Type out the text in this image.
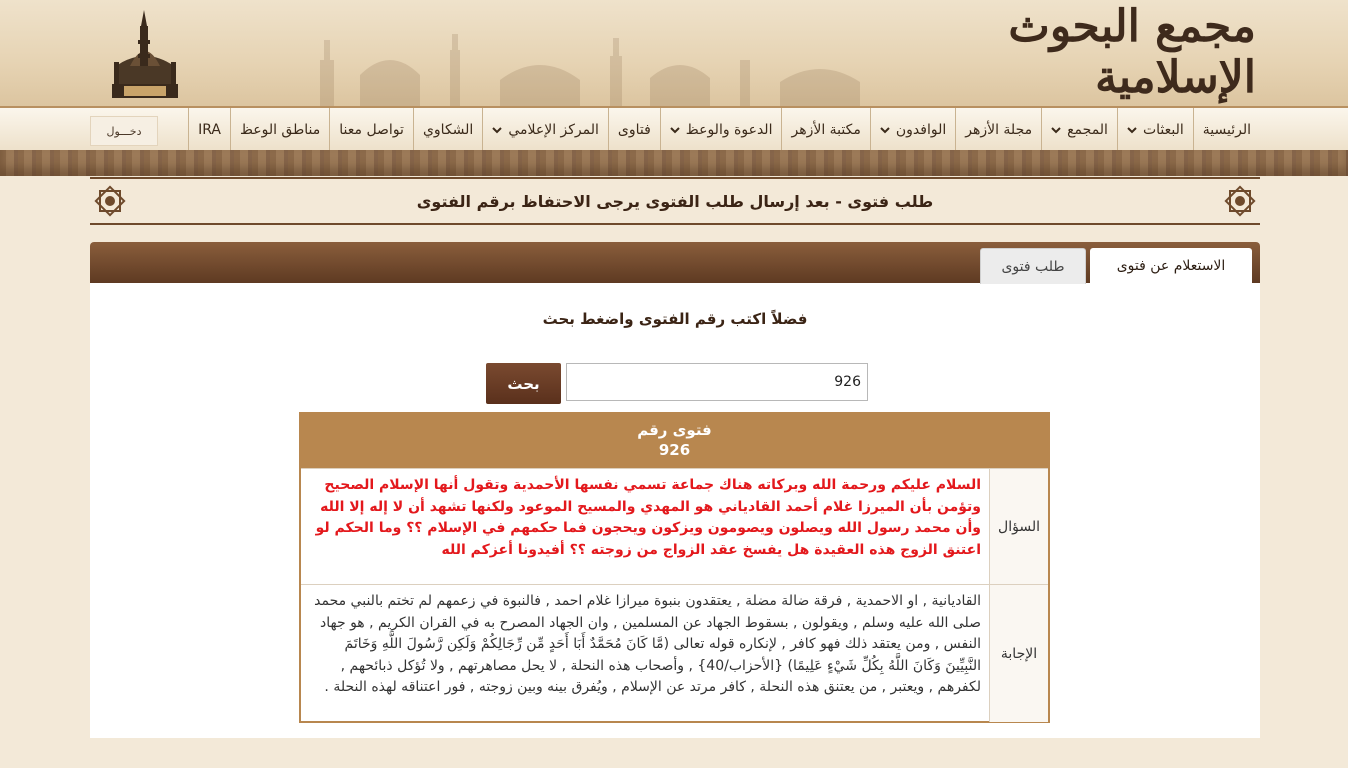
مجمع البحوث الإسلامية
الرئيسية
البعثات
المجمع
مجلة الأزهر
الوافدون
مكتبة الأزهر
الدعوة والوعظ
فتاوى
المركز الإعلامي
الشكاوي
تواصل معنا
مناطق الوعظ
IRA
دخـــول
طلب فتوى - بعد إرسال طلب الفتوى يرجى الاحتفاظ برقم الفتوى
الاستعلام عن فتوى
طلب فتوى
فضلاً اكتب رقم الفتوى واضغط بحث
926
بحث
فتوى رقم
926
السؤال
السلام عليكم ورحمة الله وبركاته هناك جماعة تسمي نفسها الأحمدية وتقول أنها الإسلام الصحيح وتؤمن بأن الميرزا غلام أحمد القادياني هو المهدي والمسيح الموعود ولكنها تشهد أن لا إله إلا الله وأن محمد رسول الله ويصلون ويصومون ويزكون ويحجون فما حكمهم في الإسلام ؟؟ وما الحكم لو اعتنق الزوج هذه العقيدة هل يفسخ عقد الزواج من زوجته ؟؟ أفيدونا أعزكم الله
الإجابة
القاديانية , او الاحمدية , فرقة ضالة مضلة , يعتقدون بنبوة ميرازا غلام احمد , فالنبوة في زعمهم لم تختم بالنبي محمد صلى الله عليه وسلم , ويقولون , بسقوط الجهاد عن المسلمين , وان الجهاد المصرح به في القران الكريم , هو جهاد النفس , ومن يعتقد ذلك فهو كافر , لإنكاره قوله تعالى (مَّا كَانَ مُحَمَّدٌ أَبَا أَحَدٍ مِّن رِّجَالِكُمْ وَلَكِن رَّسُولَ اللَّهِ وَخَاتَمَ النَّبِيِّينَ وَكَانَ اللَّهُ بِكُلِّ شَيْءٍ عَلِيمًا) {الأحزاب/40} , وأصحاب هذه النحلة , لا يحل مصاهرتهم , ولا تُؤكل ذبائحهم , لكفرهم , ويعتبر , من يعتنق هذه النحلة , كافر مرتد عن الإسلام , ويُفرق بينه وبين زوجته , فور اعتناقه لهذه النحلة .
